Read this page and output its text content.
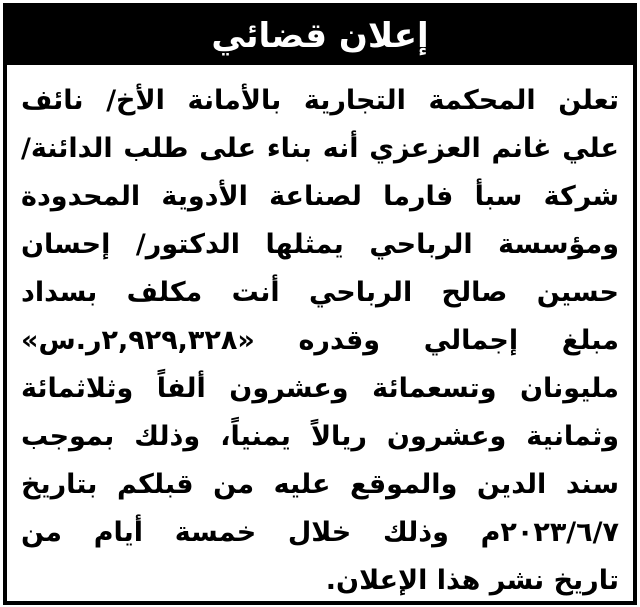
إعلان قضائي
تعلن المحكمة التجارية بالأمانة الأخ/ نائف
علي غانم العزعزي أنه بناء على طلب الدائنة/
شركة سبأ فارما لصناعة الأدوية المحدودة
ومؤسسة الرباحي يمثلها الدكتور/ إحسان
حسين صالح الرباحي أنت مكلف بسداد
مبلغ إجمالي وقدره «٢,٩٢٩,٣٢٨ر.س»
مليونان وتسعمائة وعشرون ألفاً وثلاثمائة
وثمانية وعشرون ريالاً يمنياً، وذلك بموجب
سند الدين والموقع عليه من قبلكم بتاريخ
٢٠٢٣/٦/٧م وذلك خلال خمسة أيام من
تاريخ نشر هذا الإعلان.
